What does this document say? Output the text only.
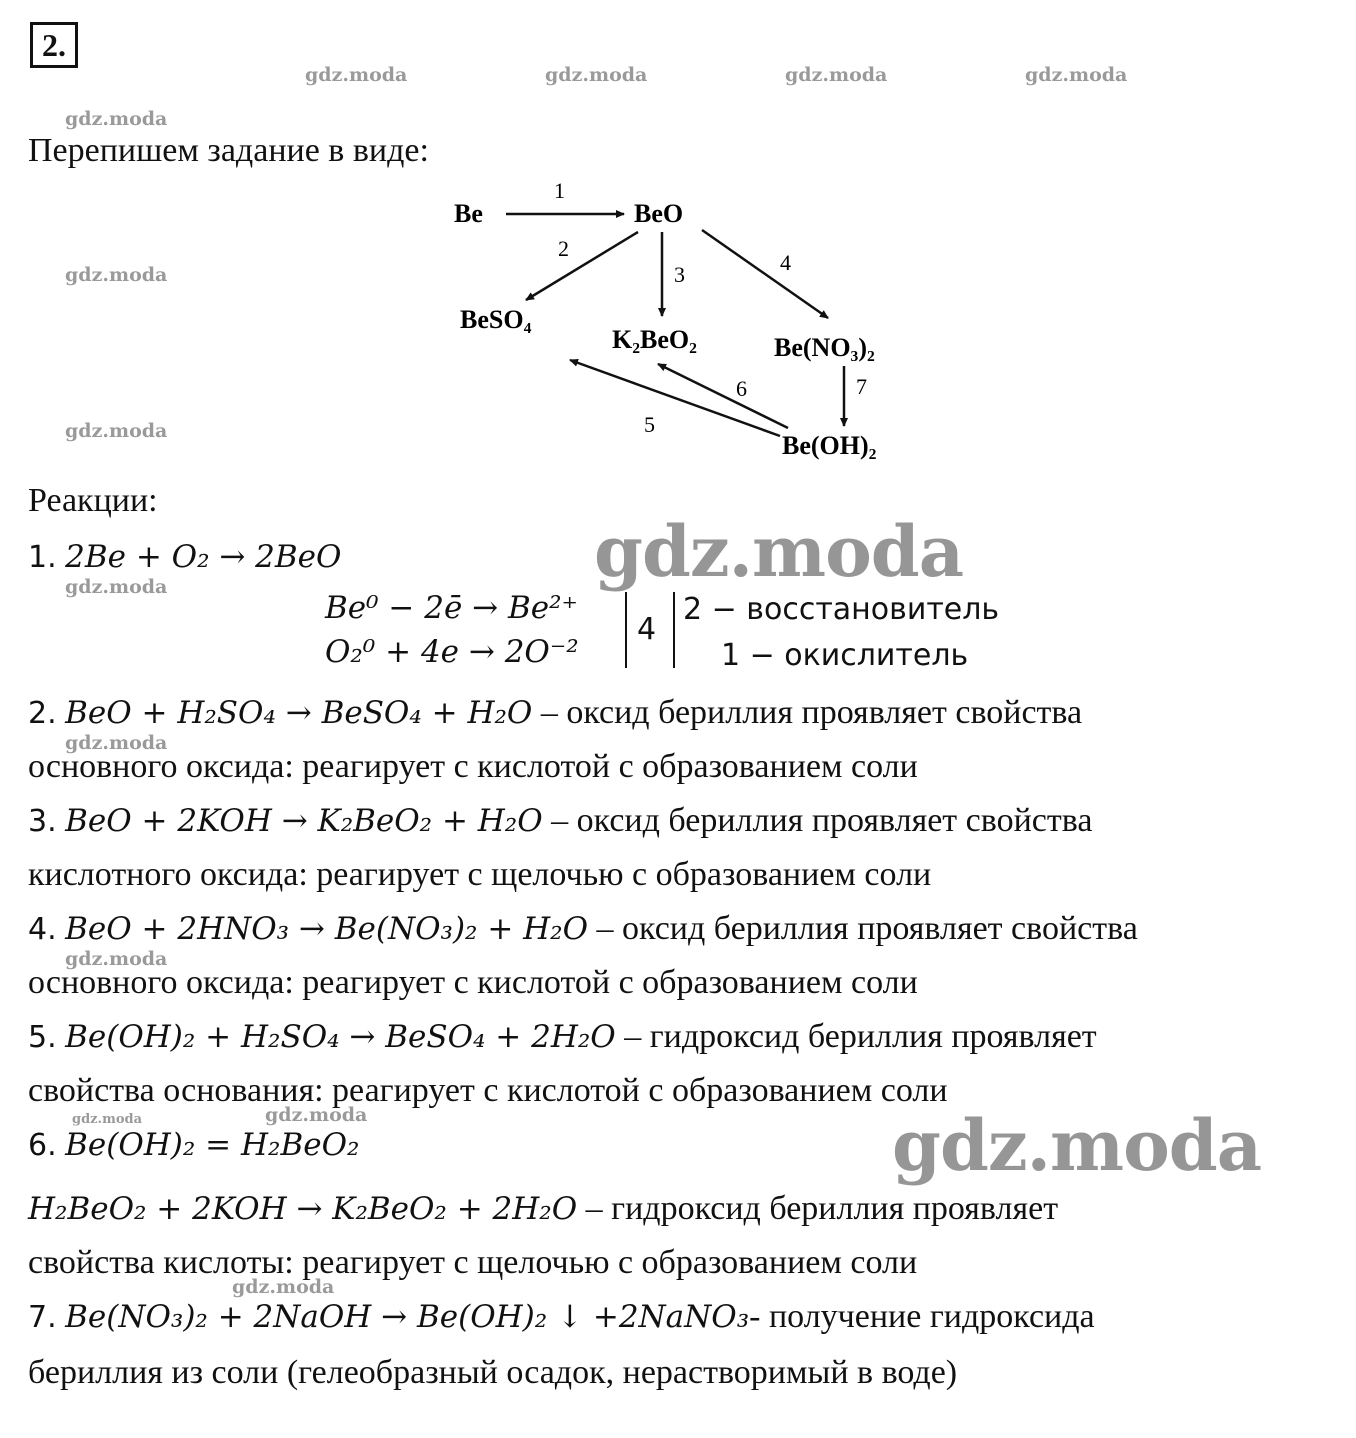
2.
gdz.moda	gdz.moda	gdz.moda	gdz.moda
gdz.moda
gdz.moda
gdz.moda
gdz.moda
gdz.moda
gdz.moda
gdz.moda	gdz.moda
gdz.moda
Перепишем задание в виде:
Be	BeO
BeSO₄
K₂BeO₂	Be(NO₃)₂
Be(OH)₂
1
2
3	4
5
6	7
Реакции:
1. 2Be + O₂ → 2BeO
Be⁰ − 2ē → Be²⁺
O₂⁰ + 4e → 2O⁻²
4
2 − восстановитель
1 − окислитель
2. BeO + H₂SO₄ → BeSO₄ + H₂O – оксид бериллия проявляет свойства
основного оксида: реагирует с кислотой с образованием соли
3. BeO + 2KOH → K₂BeO₂ + H₂O – оксид бериллия проявляет свойства
кислотного оксида: реагирует с щелочью с образованием соли
4. BeO + 2HNO₃ → Be(NO₃)₂ + H₂O – оксид бериллия проявляет свойства
основного оксида: реагирует с кислотой с образованием соли
5. Be(OH)₂ + H₂SO₄ → BeSO₄ + 2H₂O – гидроксид бериллия проявляет
свойства основания: реагирует с кислотой с образованием соли
6. Be(OH)₂ = H₂BeO₂
H₂BeO₂ + 2KOH → K₂BeO₂ + 2H₂O – гидроксид бериллия проявляет
свойства кислоты: реагирует с щелочью с образованием соли
7. Be(NO₃)₂ + 2NaOH → Be(OH)₂ ↓ +2NaNO₃- получение гидроксида
бериллия из соли (гелеобразный осадок, нерастворимый в воде)
gdz.moda
gdz.moda
